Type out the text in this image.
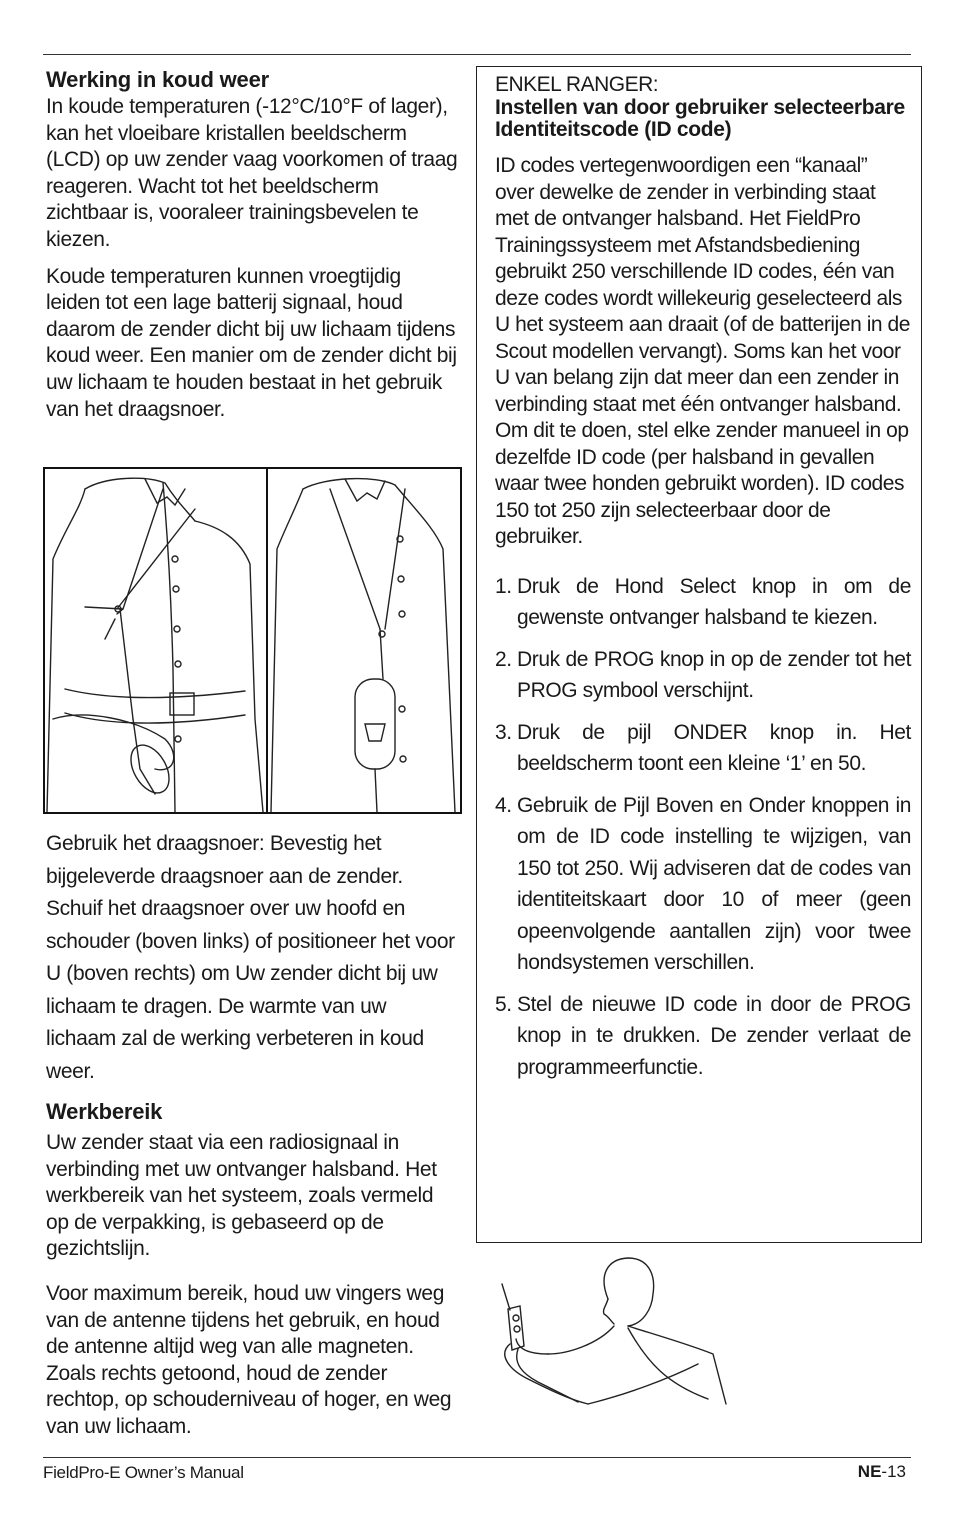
Werking in koud weer

In koude temperaturen (-12°C/10°F of lager), kan het vloeibare kristallen beeldscherm (LCD) op uw zender vaag voorkomen of traag reageren. Wacht tot het beeldscherm zichtbaar is, vooraleer trainingsbevelen te kiezen.

Koude temperaturen kunnen vroegtijdig leiden tot een lage batterij signaal, houd daarom de zender dicht bij uw lichaam tijdens koud weer. Een manier om de zender dicht bij uw lichaam te houden bestaat in het gebruik van het draagsnoer.

Gebruik het draagsnoer: Bevestig het bijgeleverde draagsnoer aan de zender. Schuif het draagsnoer over uw hoofd en schouder (boven links) of positioneer het voor U (boven rechts) om Uw zender dicht bij uw lichaam te dragen. De warmte van uw lichaam zal de werking verbeteren in koud weer.

Werkbereik

Uw zender staat via een radiosignaal in verbinding met uw ontvanger halsband. Het werkbereik van het systeem, zoals vermeld op de verpakking, is gebaseerd op de gezichtslijn.

Voor maximum bereik, houd uw vingers weg van de antenne tijdens het gebruik, en houd de antenne altijd weg van alle magneten. Zoals rechts getoond, houd de zender rechtop, op schouderniveau of hoger, en weg van uw lichaam.

ENKEL RANGER:

Instellen van door gebruiker selecteerbare Identiteitscode (ID code)

ID codes vertegenwoordigen een “kanaal” over dewelke de zender in verbinding staat met de ontvanger halsband. Het FieldPro Trainingssysteem met Afstandsbediening gebruikt 250 verschillende ID codes, één van deze codes wordt willekeurig geselecteerd als U het systeem aan draait (of de batterijen in de Scout modellen vervangt). Soms kan het voor U van belang zijn dat meer dan een zender in verbinding staat met één ontvanger halsband. Om dit te doen, stel elke zender manueel in op dezelfde ID code (per halsband in gevallen waar twee honden gebruikt worden). ID codes 150 tot 250 zijn selecteerbaar door de gebruiker.

1. Druk de Hond Select knop in om de gewenste ontvanger halsband te kiezen.
2. Druk de PROG knop in op de zender tot het PROG symbool verschijnt.
3. Druk de pijl ONDER knop in. Het beeldscherm toont een kleine ‘1’ en 50.
4. Gebruik de Pijl Boven en Onder knoppen in om de ID code instelling te wijzigen, van 150 tot 250. Wij adviseren dat de codes van identiteitskaart door 10 of meer (geen opeenvolgende aantallen zijn) voor twee hondsystemen verschillen.
5. Stel de nieuwe ID code in door de PROG knop in te drukken. De zender verlaat de programmeerfunctie.
FieldPro-E Owner’s Manual	NE-13
